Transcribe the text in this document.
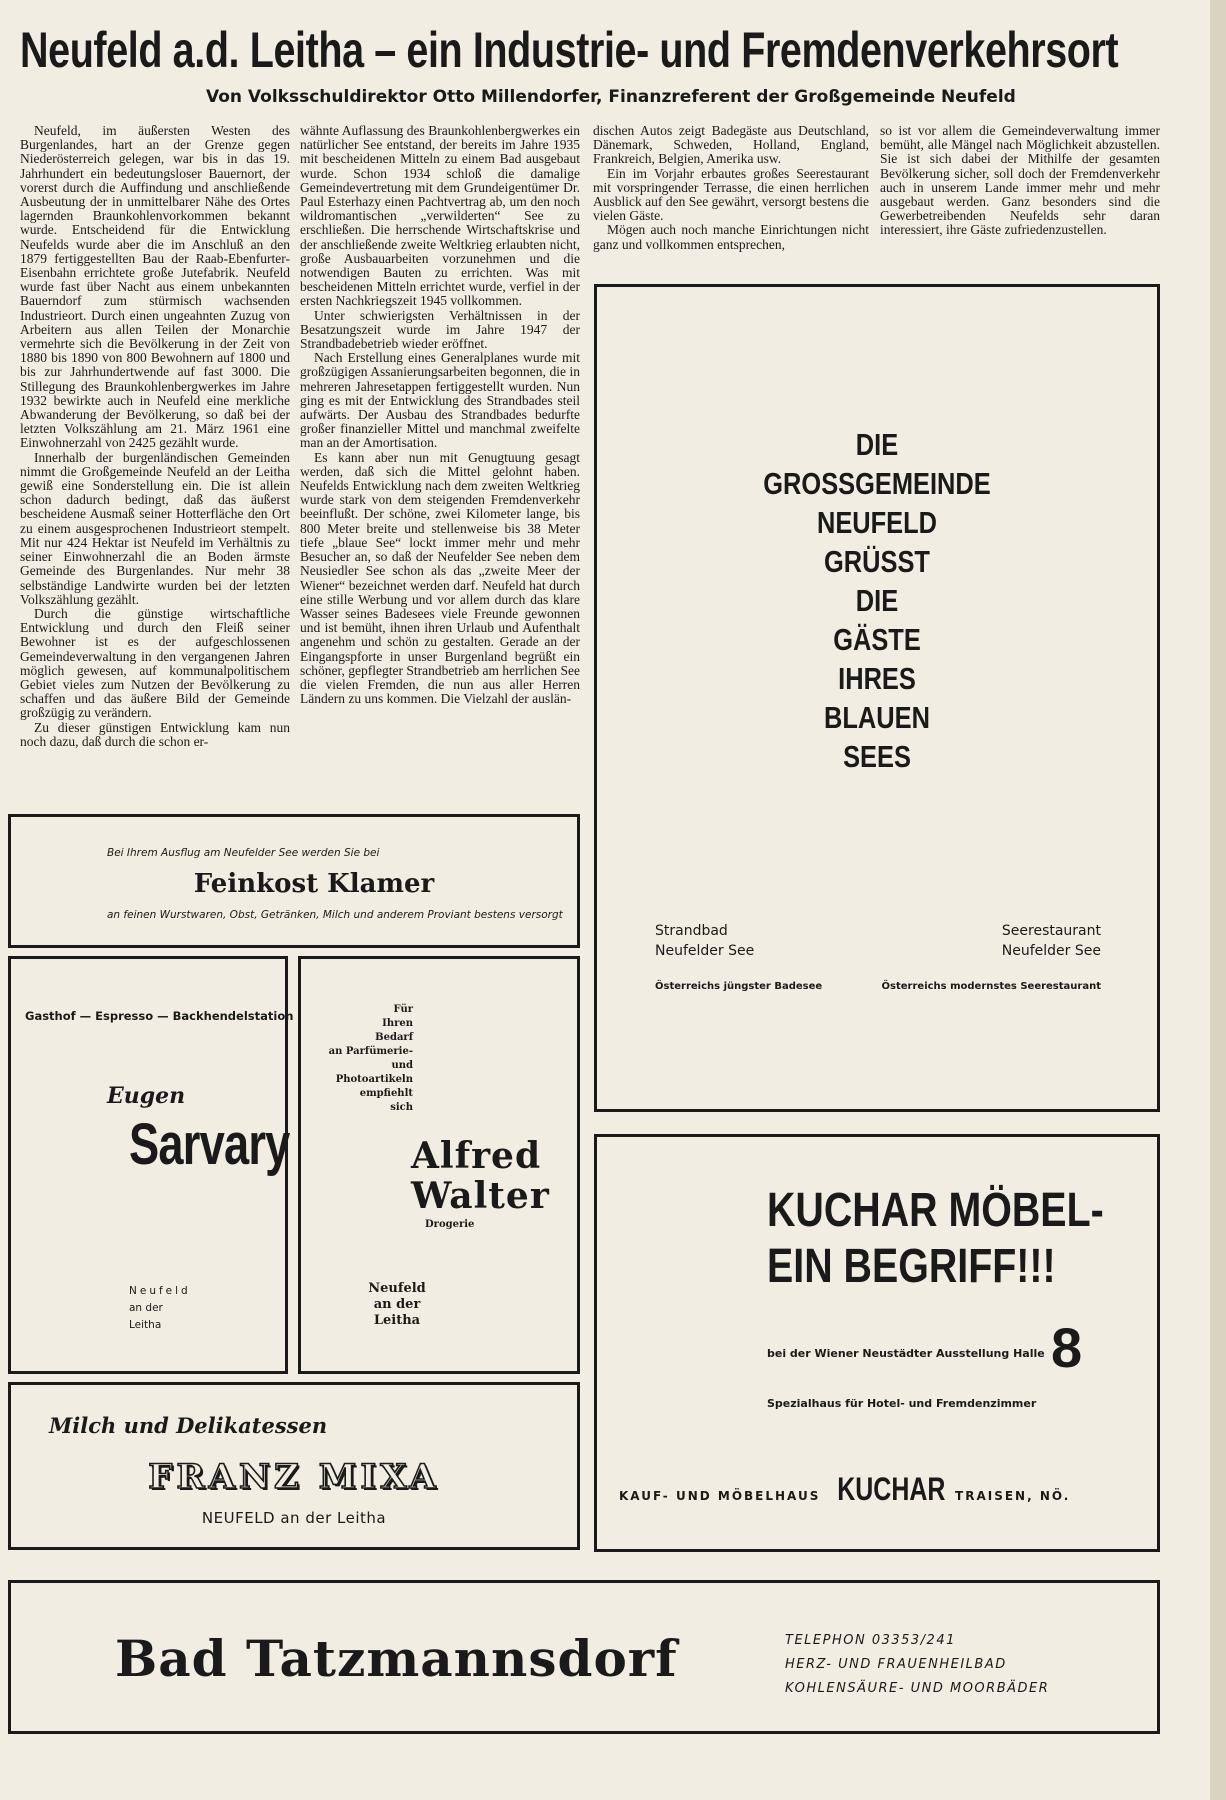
Neufeld a.d. Leitha – ein Industrie- und Fremdenverkehrsort
Von Volksschuldirektor Otto Millendorfer, Finanzreferent der Großgemeinde Neufeld

Neufeld, im äußersten Westen des Burgenlandes, hart an der Grenze gegen Niederösterreich gelegen, war bis in das 19. Jahrhundert ein bedeutungsloser Bauernort, der vorerst durch die Auffindung und anschließende Ausbeutung der in unmittelbarer Nähe des Ortes lagernden Braunkohlenvorkommen bekannt wurde. Entscheidend für die Entwicklung Neufelds wurde aber die im Anschluß an den 1879 fertiggestellten Bau der Raab-Ebenfurter-Eisenbahn errichtete große Jutefabrik. Neufeld wurde fast über Nacht aus einem unbekannten Bauerndorf zum stürmisch wachsenden Industrieort. Durch einen ungeahnten Zuzug von Arbeitern aus allen Teilen der Monarchie vermehrte sich die Bevölkerung in der Zeit von 1880 bis 1890 von 800 Bewohnern auf 1800 und bis zur Jahrhundertwende auf fast 3000. Die Stillegung des Braunkohlenbergwerkes im Jahre 1932 bewirkte auch in Neufeld eine merkliche Abwanderung der Bevölkerung, so daß bei der letzten Volkszählung am 21. März 1961 eine Einwohnerzahl von 2425 gezählt wurde.

Innerhalb der burgenländischen Gemeinden nimmt die Großgemeinde Neufeld an der Leitha gewiß eine Sonderstellung ein. Die ist allein schon dadurch bedingt, daß das äußerst bescheidene Ausmaß seiner Hotterfläche den Ort zu einem ausgesprochenen Industrieort stempelt. Mit nur 424 Hektar ist Neufeld im Verhältnis zu seiner Einwohnerzahl die an Boden ärmste Gemeinde des Burgenlandes. Nur mehr 38 selbständige Landwirte wurden bei der letzten Volkszählung gezählt.

Durch die günstige wirtschaftliche Entwicklung und durch den Fleiß seiner Bewohner ist es der aufgeschlossenen Gemeindeverwaltung in den vergangenen Jahren möglich gewesen, auf kommunalpolitischem Gebiet vieles zum Nutzen der Bevölkerung zu schaffen und das äußere Bild der Gemeinde großzügig zu verändern.

Zu dieser günstigen Entwicklung kam nun noch dazu, daß durch die schon er-

wähnte Auflassung des Braunkohlenbergwerkes ein natürlicher See entstand, der bereits im Jahre 1935 mit bescheidenen Mitteln zu einem Bad ausgebaut wurde. Schon 1934 schloß die damalige Gemeindevertretung mit dem Grundeigentümer Dr. Paul Esterhazy einen Pachtvertrag ab, um den noch wildromantischen „verwilderten“ See zu erschließen. Die herrschende Wirtschaftskrise und der anschließende zweite Weltkrieg erlaubten nicht, große Ausbauarbeiten vorzunehmen und die notwendigen Bauten zu errichten. Was mit bescheidenen Mitteln errichtet wurde, verfiel in der ersten Nachkriegszeit 1945 vollkommen.

Unter schwierigsten Verhältnissen in der Besatzungszeit wurde im Jahre 1947 der Strandbadebetrieb wieder eröffnet.

Nach Erstellung eines Generalplanes wurde mit großzügigen Assanierungsarbeiten begonnen, die in mehreren Jahresetappen fertiggestellt wurden. Nun ging es mit der Entwicklung des Strandbades steil aufwärts. Der Ausbau des Strandbades bedurfte großer finanzieller Mittel und manchmal zweifelte man an der Amortisation.

Es kann aber nun mit Genugtuung gesagt werden, daß sich die Mittel gelohnt haben. Neufelds Entwicklung nach dem zweiten Weltkrieg wurde stark von dem steigenden Fremdenverkehr beeinflußt. Der schöne, zwei Kilometer lange, bis 800 Meter breite und stellenweise bis 38 Meter tiefe „blaue See“ lockt immer mehr und mehr Besucher an, so daß der Neufelder See neben dem Neusiedler See schon als das „zweite Meer der Wiener“ bezeichnet werden darf. Neufeld hat durch eine stille Werbung und vor allem durch das klare Wasser seines Badesees viele Freunde gewonnen und ist bemüht, ihnen ihren Urlaub und Aufenthalt angenehm und schön zu gestalten. Gerade an der Eingangspforte in unser Burgenland begrüßt ein schöner, gepflegter Strandbetrieb am herrlichen See die vielen Fremden, die nun aus aller Herren Ländern zu uns kommen. Die Vielzahl der auslän-

dischen Autos zeigt Badegäste aus Deutschland, Dänemark, Schweden, Holland, England, Frankreich, Belgien, Amerika usw.

Ein im Vorjahr erbautes großes Seerestaurant mit vorspringender Terrasse, die einen herrlichen Ausblick auf den See gewährt, versorgt bestens die vielen Gäste.

Mögen auch noch manche Einrichtungen nicht ganz und vollkommen entsprechen,

so ist vor allem die Gemeindeverwaltung immer bemüht, alle Mängel nach Möglichkeit abzustellen. Sie ist sich dabei der Mithilfe der gesamten Bevölkerung sicher, soll doch der Fremdenverkehr auch in unserem Lande immer mehr und mehr ausgebaut werden. Ganz besonders sind die Gewerbetreibenden Neufelds sehr daran interessiert, ihre Gäste zufriedenzustellen.

DIE
GROSSGEMEINDE
NEUFELD
GRÜSST
DIE
GÄSTE
IHRES
BLAUEN
SEES
Strandbad
Neufelder See
Österreichs jüngster Badesee
Seerestaurant
Neufelder See
Österreichs modernstes Seerestaurant
Bei Ihrem Ausflug am Neufelder See werden Sie bei
Feinkost Klamer
an feinen Wurstwaren, Obst, Getränken, Milch und anderem Proviant bestens versorgt
Gasthof — Espresso — Backhendelstation
Eugen
Sarvary
Neufeld
an der
Leitha
Für
Ihren
Bedarf
an Parfümerie-
und
Photoartikeln
empfiehlt
sich
Alfred
Walter
Drogerie
Neufeld
an der
Leitha
Milch und Delikatessen
FRANZ MIXA
NEUFELD an der Leitha
KUCHAR MÖBEL-
EIN BEGRIFF!!!
bei der Wiener Neustädter Ausstellung Halle 8
Spezialhaus für Hotel- und Fremdenzimmer
KAUF- UND MÖBELHAUS KUCHAR TRAISEN, NÖ.
Bad Tatzmannsdorf	TELEPHON 03353/241
HERZ- UND FRAUENHEILBAD
KOHLENSÄURE- UND MOORBÄDER
